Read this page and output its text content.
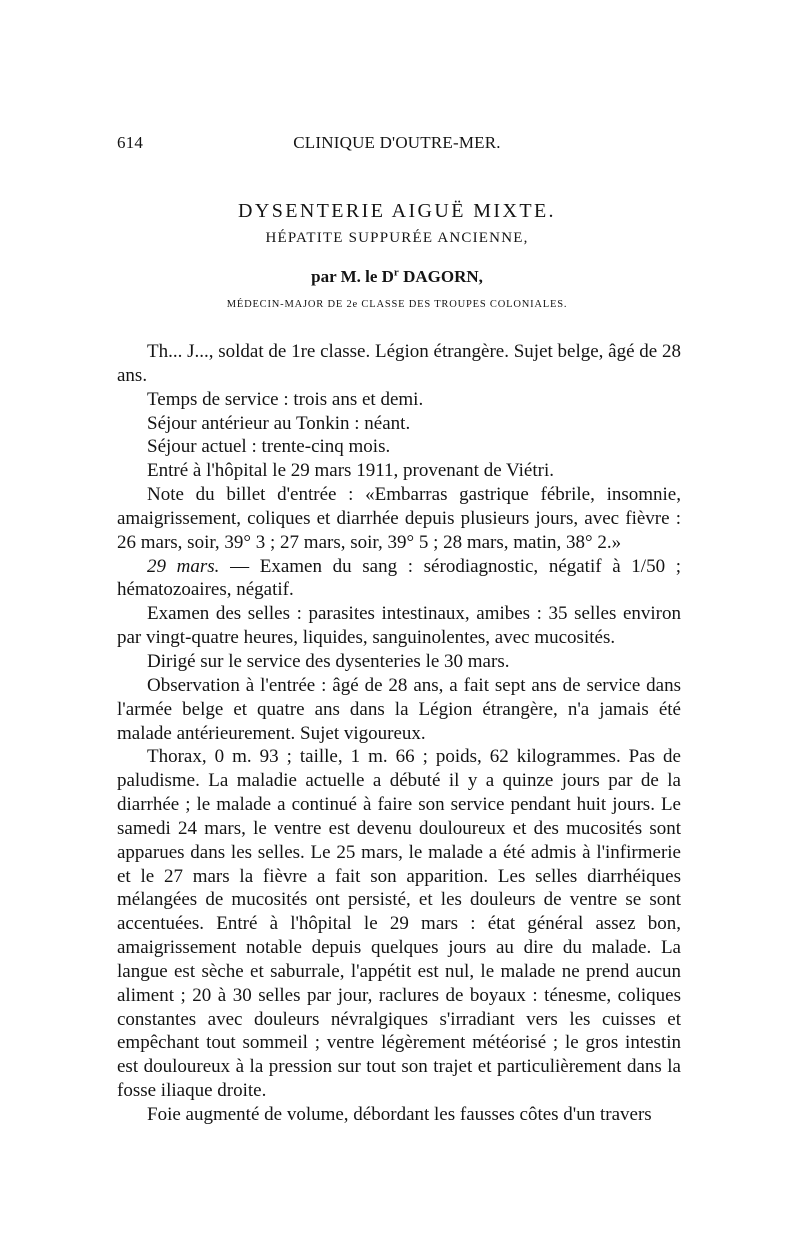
614	CLINIQUE D'OUTRE-MER.
DYSENTERIE AIGUË MIXTE.
HÉPATITE SUPPURÉE ANCIENNE,
par M. le $D^r$ DAGORN,
MÉDECIN-MAJOR DE 2e CLASSE DES TROUPES COLONIALES.

Th... J..., soldat de 1re classe. Légion étrangère. Sujet belge, âgé de 28 ans.

Temps de service : trois ans et demi.

Séjour antérieur au Tonkin : néant.

Séjour actuel : trente-cinq mois.

Entré à l'hôpital le 29 mars 1911, provenant de Viétri.

Note du billet d'entrée : «Embarras gastrique fébrile, insomnie, amaigrissement, coliques et diarrhée depuis plusieurs jours, avec fièvre : 26 mars, soir, 39° 3 ; 27 mars, soir, 39° 5 ; 28 mars, matin, 38° 2.»

29 mars. — Examen du sang : sérodiagnostic, négatif à 1/50 ; hématozoaires, négatif.

Examen des selles : parasites intestinaux, amibes : 35 selles environ par vingt-quatre heures, liquides, sanguinolentes, avec mucosités.

Dirigé sur le service des dysenteries le 30 mars.

Observation à l'entrée : âgé de 28 ans, a fait sept ans de service dans l'armée belge et quatre ans dans la Légion étrangère, n'a jamais été malade antérieurement. Sujet vigoureux.

Thorax, 0 m. 93 ; taille, 1 m. 66 ; poids, 62 kilogrammes. Pas de paludisme. La maladie actuelle a débuté il y a quinze jours par de la diarrhée ; le malade a continué à faire son service pendant huit jours. Le samedi 24 mars, le ventre est devenu douloureux et des mucosités sont apparues dans les selles. Le 25 mars, le malade a été admis à l'infirmerie et le 27 mars la fièvre a fait son apparition. Les selles diarrhéiques mélangées de mucosités ont persisté, et les douleurs de ventre se sont accentuées. Entré à l'hôpital le 29 mars : état général assez bon, amaigrissement notable depuis quelques jours au dire du malade. La langue est sèche et saburrale, l'appétit est nul, le malade ne prend aucun aliment ; 20 à 30 selles par jour, raclures de boyaux : ténesme, coliques constantes avec douleurs névralgiques s'irradiant vers les cuisses et empêchant tout sommeil ; ventre légèrement météorisé ; le gros intestin est douloureux à la pression sur tout son trajet et particulièrement dans la fosse iliaque droite.

Foie augmenté de volume, débordant les fausses côtes d'un travers
